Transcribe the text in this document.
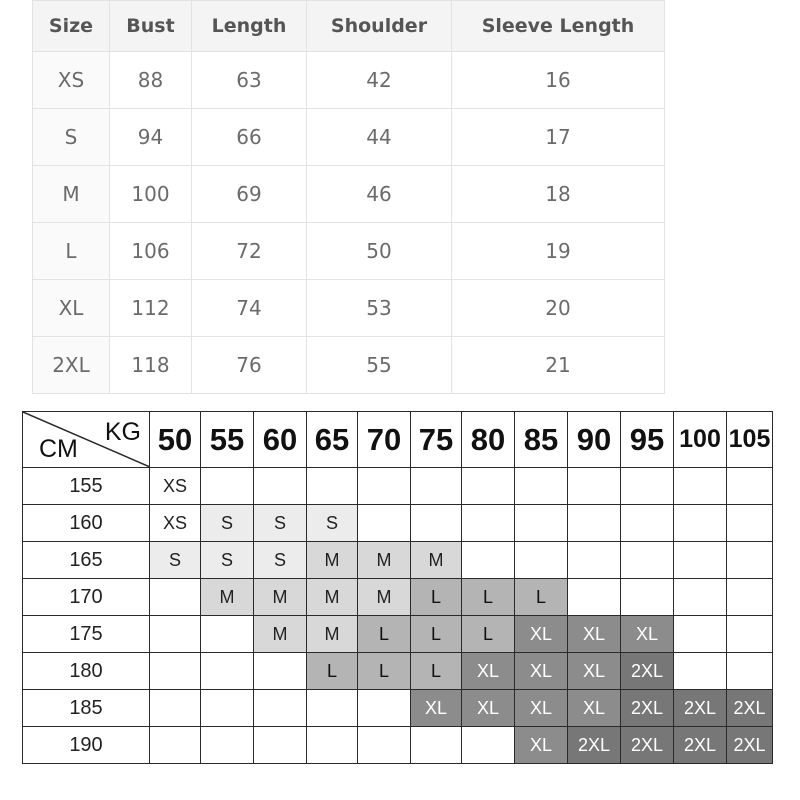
Size	Bust	Length	Shoulder	Sleeve Length
XS	88	63	42	16
S	94	66	44	17
M	100	69	46	18
L	106	72	50	19
XL	112	74	53	20
2XL	118	76	55	21
KG
CM	50	55	60	65	70	75	80	85	90	95	100	105
155	XS											
160	XS	S	S	S								
165	S	S	S	M	M	M						
170		M	M	M	M	L	L	L				
175			M	M	L	L	L	XL	XL	XL		
180				L	L	L	XL	XL	XL	2XL		
185						XL	XL	XL	XL	2XL	2XL	2XL
190								XL	2XL	2XL	2XL	2XL
